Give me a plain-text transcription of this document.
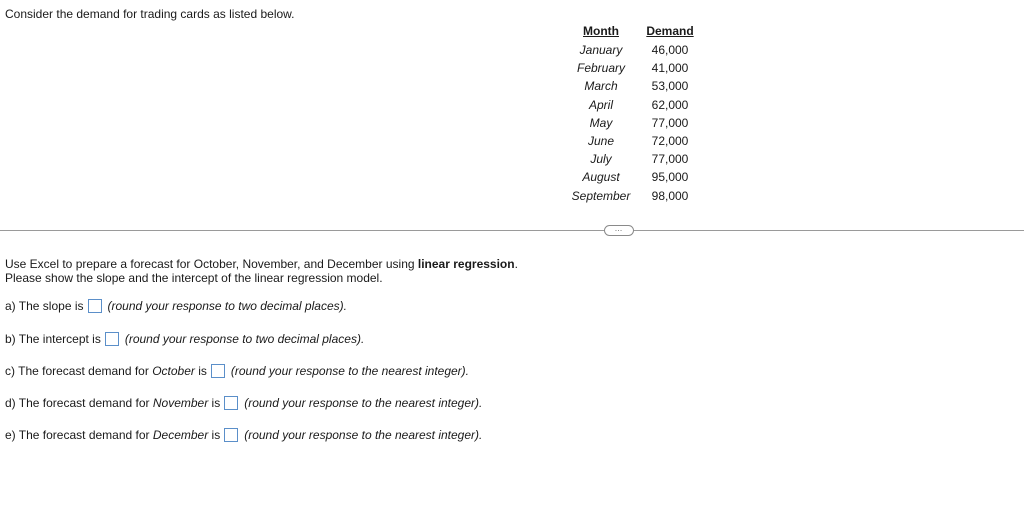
Consider the demand for trading cards as listed below.
Month	Demand
January	46,000
February	41,000
March	53,000
April	62,000
May	77,000
June	72,000
July	77,000
August	95,000
September	98,000
…
Use Excel to prepare a forecast for October, November, and December using linear regression.
Please show the slope and the intercept of the linear regression model.
a) The slope is (round your response to two decimal places).
b) The intercept is (round your response to two decimal places).
c) The forecast demand for October is (round your response to the nearest integer).
d) The forecast demand for November is (round your response to the nearest integer).
e) The forecast demand for December is (round your response to the nearest integer).
